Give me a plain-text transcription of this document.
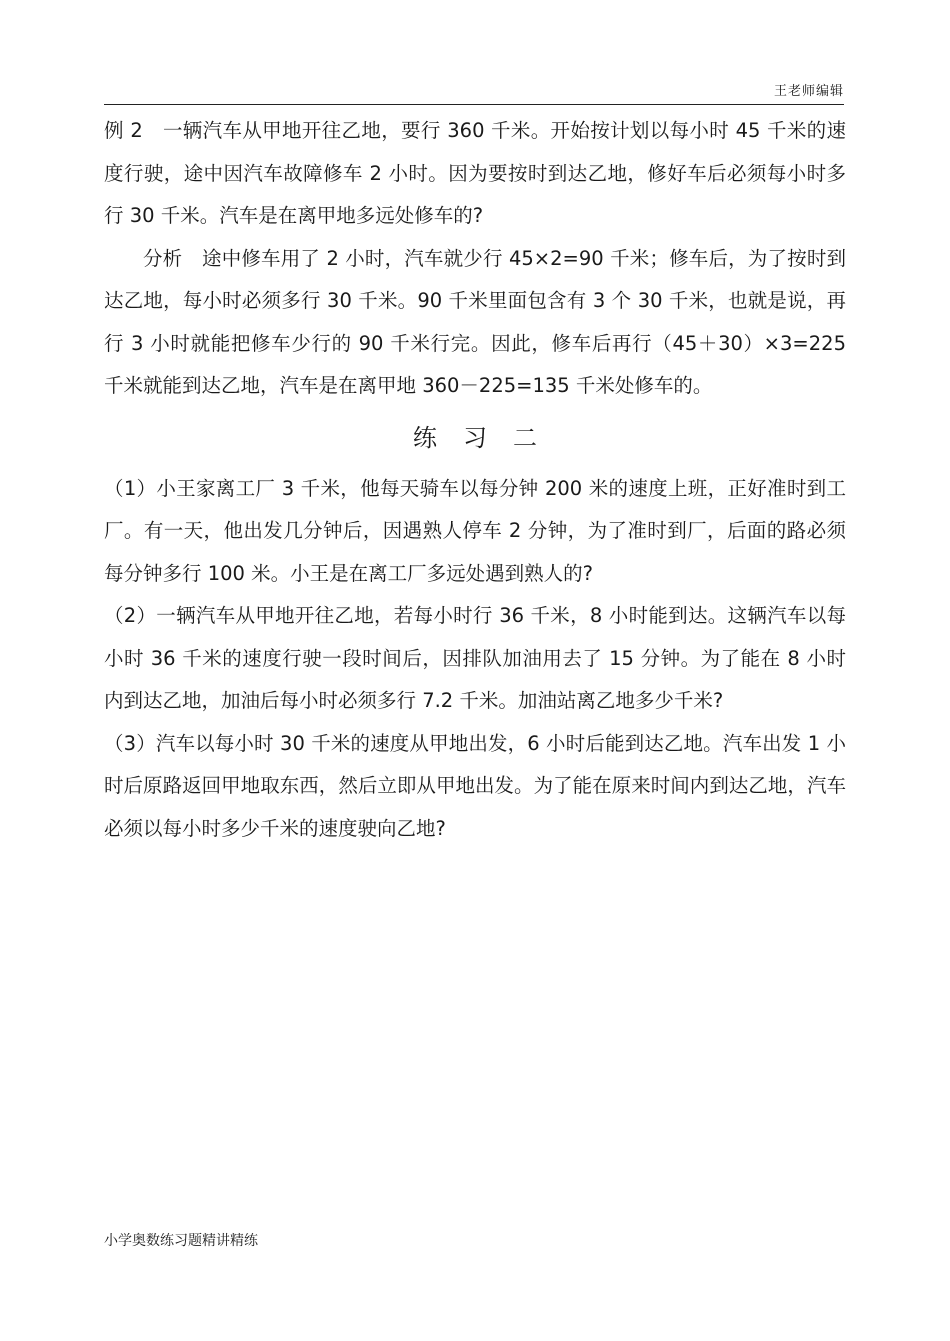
王老师编辑

例 2　一辆汽车从甲地开往乙地，要行 360 千米。开始按计划以每小时 45 千米的速度行驶，途中因汽车故障修车 2 小时。因为要按时到达乙地，修好车后必须每小时多行 30 千米。汽车是在离甲地多远处修车的?

分析　途中修车用了 2 小时，汽车就少行 45×2=90 千米；修车后，为了按时到达乙地，每小时必须多行 30 千米。90 千米里面包含有 3 个 30 千米，也就是说，再行 3 小时就能把修车少行的 90 千米行完。因此，修车后再行（45＋30）×3=225 千米就能到达乙地，汽车是在离甲地 360－225=135 千米处修车的。

练习二

（1）小王家离工厂 3 千米，他每天骑车以每分钟 200 米的速度上班，正好准时到工厂。有一天，他出发几分钟后，因遇熟人停车 2 分钟，为了准时到厂，后面的路必须每分钟多行 100 米。小王是在离工厂多远处遇到熟人的?

（2）一辆汽车从甲地开往乙地，若每小时行 36 千米，8 小时能到达。这辆汽车以每小时 36 千米的速度行驶一段时间后，因排队加油用去了 15 分钟。为了能在 8 小时内到达乙地，加油后每小时必须多行 7.2 千米。加油站离乙地多少千米?

（3）汽车以每小时 30 千米的速度从甲地出发，6 小时后能到达乙地。汽车出发 1 小时后原路返回甲地取东西，然后立即从甲地出发。为了能在原来时间内到达乙地，汽车必须以每小时多少千米的速度驶向乙地?

小学奥数练习题精讲精练
